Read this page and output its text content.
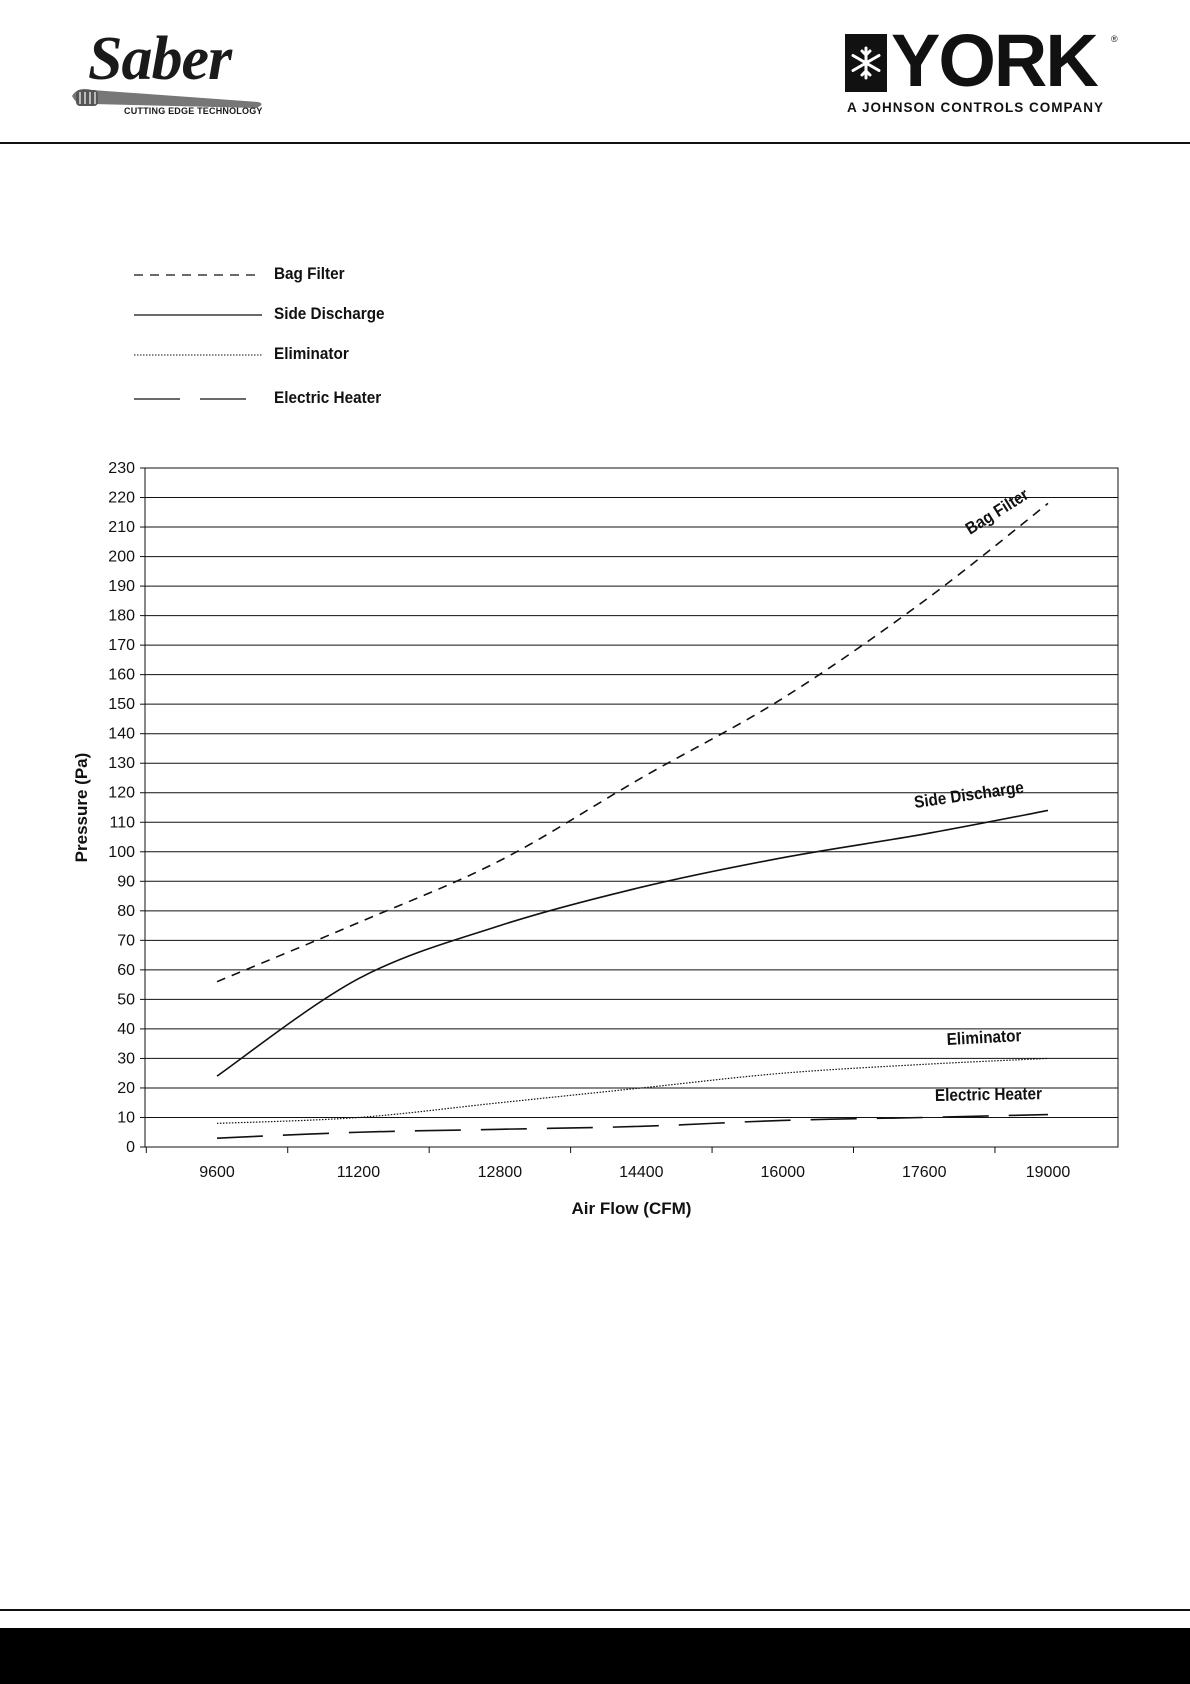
Saber
CUTTING EDGE TECHNOLOGY
YORK ®
A JOHNSON CONTROLS COMPANY
Bag Filter
Side Discharge
Eliminator
Electric Heater
0
10
20
30
40
50
60
70
80
90
100
110
120
130
140
150
160
170
180
190
200
210
220
230
9600	11200	12800	14400	16000	17600	19000
Air Flow (CFM)
Pressure (Pa)
Bag Filter
Side Discharge
Eliminator
Electric Heater
